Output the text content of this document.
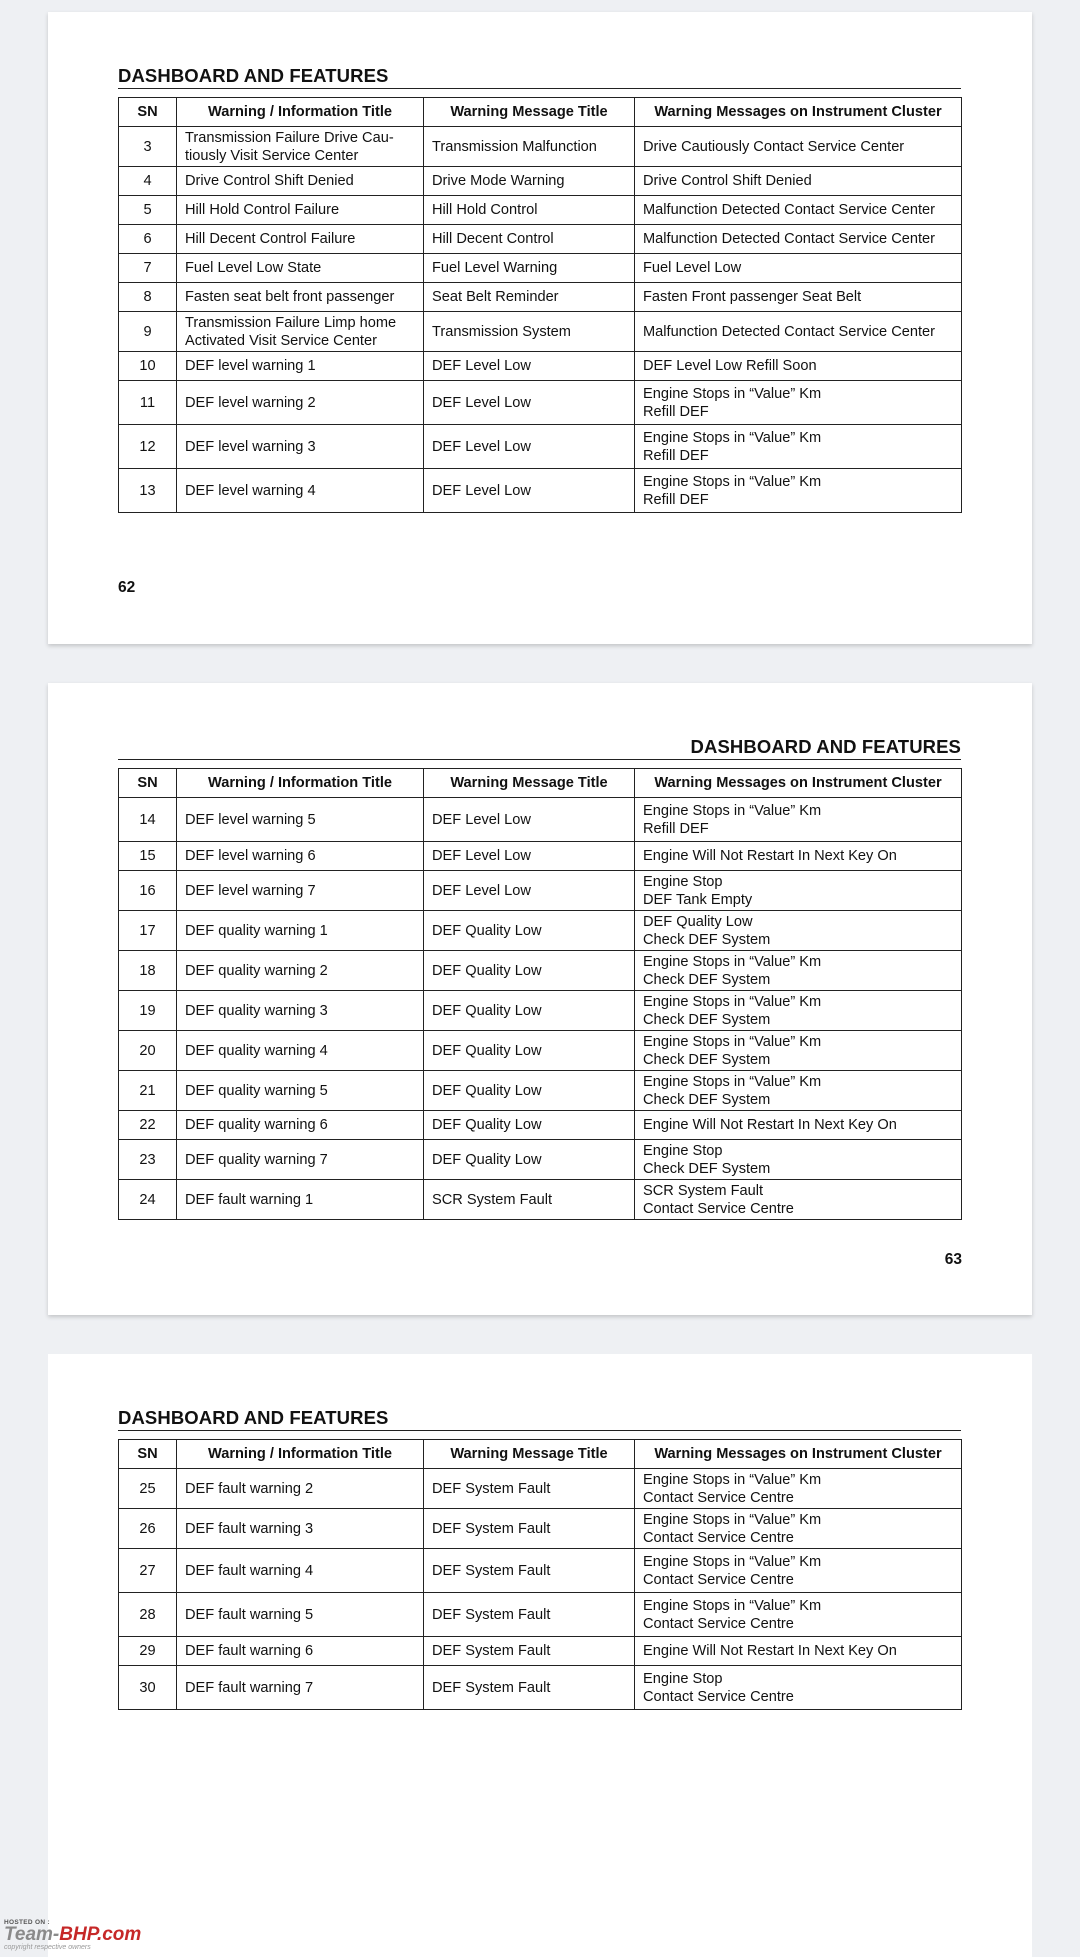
DASHBOARD AND FEATURES
SN	Warning / Information Title	Warning Message Title	Warning Messages on Instrument Cluster
3	Transmission Failure Drive Cau-
tiously Visit Service Center	Transmission Malfunction	Drive Cautiously Contact Service Center
4	Drive Control Shift Denied	Drive Mode Warning	Drive Control Shift Denied
5	Hill Hold Control Failure	Hill Hold Control	Malfunction Detected Contact Service Center
6	Hill Decent Control Failure	Hill Decent Control	Malfunction Detected Contact Service Center
7	Fuel Level Low State	Fuel Level Warning	Fuel Level Low
8	Fasten seat belt front passenger	Seat Belt Reminder	Fasten Front passenger Seat Belt
9	Transmission Failure Limp home
Activated Visit Service Center	Transmission System	Malfunction Detected Contact Service Center
10	DEF level warning 1	DEF Level Low	DEF Level Low Refill Soon
11	DEF level warning 2	DEF Level Low	Engine Stops in “Value” Km
Refill DEF
12	DEF level warning 3	DEF Level Low	Engine Stops in “Value” Km
Refill DEF
13	DEF level warning 4	DEF Level Low	Engine Stops in “Value” Km
Refill DEF
62
DASHBOARD AND FEATURES
SN	Warning / Information Title	Warning Message Title	Warning Messages on Instrument Cluster
14	DEF level warning 5	DEF Level Low	Engine Stops in “Value” Km
Refill DEF
15	DEF level warning 6	DEF Level Low	Engine Will Not Restart In Next Key On
16	DEF level warning 7	DEF Level Low	Engine Stop
DEF Tank Empty
17	DEF quality warning 1	DEF Quality Low	DEF Quality Low
Check DEF System
18	DEF quality warning 2	DEF Quality Low	Engine Stops in “Value” Km
Check DEF System
19	DEF quality warning 3	DEF Quality Low	Engine Stops in “Value” Km
Check DEF System
20	DEF quality warning 4	DEF Quality Low	Engine Stops in “Value” Km
Check DEF System
21	DEF quality warning 5	DEF Quality Low	Engine Stops in “Value” Km
Check DEF System
22	DEF quality warning 6	DEF Quality Low	Engine Will Not Restart In Next Key On
23	DEF quality warning 7	DEF Quality Low	Engine Stop
Check DEF System
24	DEF fault warning 1	SCR System Fault	SCR System Fault
Contact Service Centre
63
DASHBOARD AND FEATURES
SN	Warning / Information Title	Warning Message Title	Warning Messages on Instrument Cluster
25	DEF fault warning 2	DEF System Fault	Engine Stops in “Value” Km
Contact Service Centre
26	DEF fault warning 3	DEF System Fault	Engine Stops in “Value” Km
Contact Service Centre
27	DEF fault warning 4	DEF System Fault	Engine Stops in “Value” Km
Contact Service Centre
28	DEF fault warning 5	DEF System Fault	Engine Stops in “Value” Km
Contact Service Centre
29	DEF fault warning 6	DEF System Fault	Engine Will Not Restart In Next Key On
30	DEF fault warning 7	DEF System Fault	Engine Stop
Contact Service Centre
HOSTED ON :
Team-BHP.com
copyright respective owners
